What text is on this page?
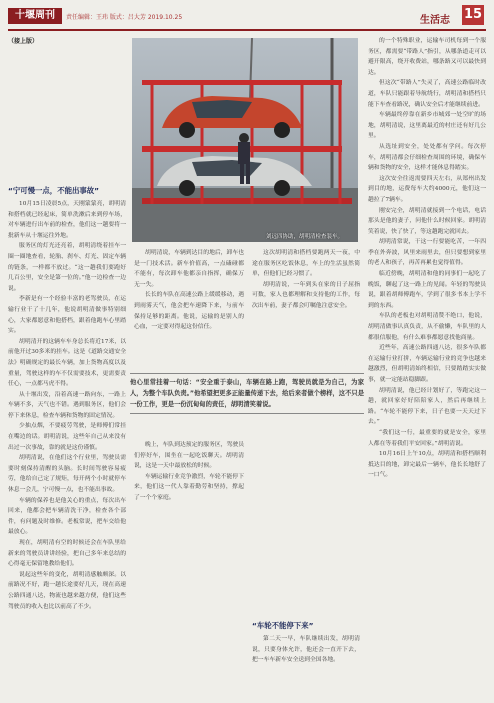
十堰周刊	责任编辑：王玮 版式：吕大芳 2019.10.25	生活志 15
（接上版）
“宁可慢一点，不能出事故”

10月15日凌晨5点，天刚蒙蒙亮，胡明清和搭档就已经起床，简单洗漱后来到停车场，对车辆进行出车前的检查，他们这一趟要将一批新车从十堰运往外地。

服务区的灯光还亮着，胡明清绕着挂车一圈一圈地查看，轮胎、刹车、灯光、固定车辆的链条，一样都不放过。“这一趟我们要跑好几百公里，安全是第一位的。”他一边检查一边说。

李新是有一个经验丰富的老驾驶员，在运输行业干了十几年，他说胡明清做事特别细心，大家都愿意和他搭档，跟着他跑车心里踏实。

胡明清开的这辆车车身总长将近17米，以前他开过30多米的挂车。这是《道路交通安全法》明确规定的最长车辆，加上货物高度以及重量，驾驶这样的车不仅需要技术，更需要责任心，一点都马虎不得。

从十堰出发，沿着高速一路向东，一路上车辆不多，天气也不错。遇到服务区，他们会停下来休息，检查车辆和货物的固定情况。

少抽点烟，不要疲劳驾驶，是师傅们常挂在嘴边的话。胡明清说，这些年自己从来没有出过一次事故，靠的就是这份谨慎。

胡明清说，在他们这个行业里，驾驶员需要时刻保持清醒的头脑。长时间驾驶容易疲劳，他给自己定了规矩，每开两个小时就停车休息一会儿，宁可慢一点，也不能出事故。

车辆的保养也是他关心的重点，每次出车回来，他都会把车辆清洗干净，检查各个部件，有问题及时维修。老板常说，把车交给他最放心。

现在，胡明清有空的时候还会在车队里给新来的驾驶员讲讲经验，把自己多年来总结的心得毫无保留地教给他们。

说起这些年的变化，胡明清感触颇深。以前路况不好，跑一趟长途要好几天，现在高速公路四通八达，物流也越来越方便，他们这些驾驶员的收入也比以前高了不少。

刘远四协助，胡明清检查装车。

胡明清说，车辆到达目的地后，卸车也是一门技术活。新车价值高，一点磕碰都不能有，每次卸车他都亲自指挥，确保万无一失。

长长的车队在高速公路上缓缓移动，遇到雨雾天气，他会把车速降下来，与前车保持足够的距离。他说，运输的是别人的心血，一定要对得起这份信任。

这次胡明清和搭档要跑两天一夜，中途在服务区吃饭休息，车上的生活虽然简单，但他们已经习惯了。

胡明清说，一年到头在家的日子屈指可数，家人也都理解和支持他的工作，每次出车前，妻子都会叮嘱他注意安全。

他心里常挂着一句话：“安全重于泰山，车辆在路上跑，驾驶员就是为自己，为家人，为整个车队负责。”他希望把更多正能量传递下去，给后来者做个榜样，这不只是一份工作，更是一份沉甸甸的责任，胡明清笑着说。

晚上，车队到达预定的服务区，驾驶员们停好车，围坐在一起吃饭聊天。胡明清说，这是一天中最放松的时候。

车辆运输行业竞争激烈，车轮不能停下来，他们这一代人靠着勤劳和坚持，撑起了一个个家庭。

“车轮不能停下来”

第二天一早，车队继续出发，胡明清说，只要身体允许，他还会一直开下去，把一车车新车安全送到全国各地。

的一个特殊职业，运输车司机每到一个服务区，都需要“带路人”指引，从哪条道走可以避开限高，绕开收费站，哪条路又可以最快到达。

但这次“带路人”失灵了，高速公路临时改道，车队只能跟着导航绕行，胡明清和搭档只能下车查看路况，确认安全后才能继续前进。

车辆最终停靠在新乡市城郊一处空旷的场地，胡明清说，这里离最近的村庄还有好几公里。

从选址到安全，处处都有学问。每次停车，胡明清都会仔细检查周围的环境，确保车辆和货物的安全，这样才能休息得踏实。

这次安全往返需要四天左右，从郑州出发到目的地，运费每车大约4000元，他们这一趟拉了7辆车。

刚安完全，胡明清就接到一个电话，电话那头是他的妻子，问他什么时候回家。胡明清笑着说，快了快了，等这趟跑完就回去。

胡明清常说，干这一行要能吃苦，一年四季在外奔波，风里来雨里去，但只要想到家里的老人和孩子，再苦再累也觉得值得。

临近傍晚，胡明清和他的同事们一起吃了晚饭，聊起了这一路上的见闻。年轻的驾驶员说，跟着胡师傅跑车，学到了很多书本上学不到的东西。

车队的老板也对胡明清赞不绝口，他说，胡明清做事认真负责，从不偷懒，车队里的人都很信服他，有什么难事都愿意找他商量。

近些年，高速公路四通八达，很多车队都在运输行业打拼，车辆运输行业的竞争也越来越激烈，但胡明清始终相信，只要踏踏实实做事，就一定能站稳脚跟。

胡明清说，他已经计划好了，等跑完这一趟，就回家好好陪陪家人，然后再继续上路。“车轮不能停下来，日子也要一天天过下去。”

“我们这一行，最重要的就是安全，家里人都在等着我们平安回家。”胡明清说。

10月16日上午10点，胡明清和搭档顺利抵达目的地，卸完最后一辆车，他长长地舒了一口气。
